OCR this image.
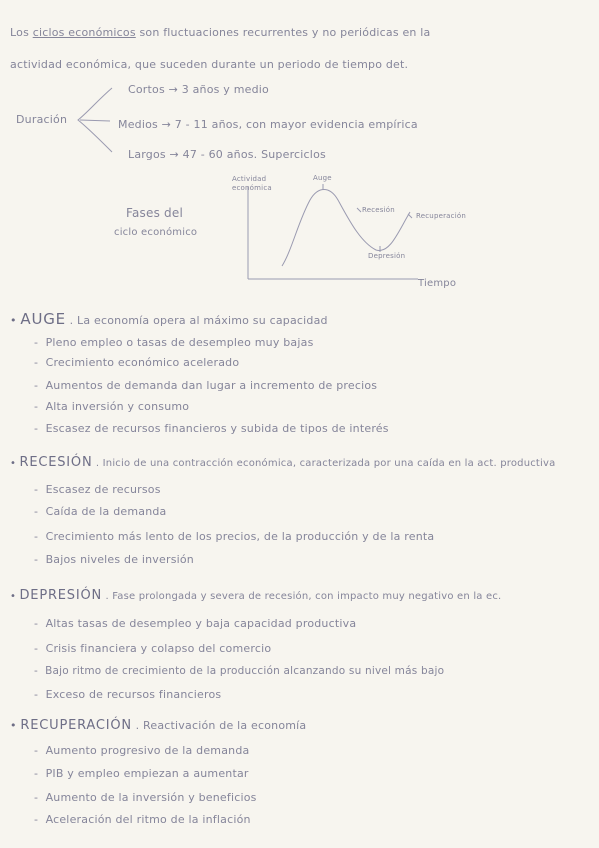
Los ciclos económicos son fluctuaciones recurrentes y no periódicas en la
actividad económica, que suceden durante un periodo de tiempo det.
Duración
Cortos → 3 años y medio
Medios → 7 - 11 años, con mayor evidencia empírica
Largos → 47 - 60 años. Superciclos
Fases del
ciclo económico
Actividad
económica
Tiempo
Auge
Recesión
Depresión
Recuperación
• AUGE . La economía opera al máximo su capacidad
-  Pleno empleo o tasas de desempleo muy bajas
-  Crecimiento económico acelerado
-  Aumentos de demanda dan lugar a incremento de precios
-  Alta inversión y consumo
-  Escasez de recursos financieros y subida de tipos de interés
• RECESIÓN . Inicio de una contracción económica, caracterizada por una caída en la act. productiva
-  Escasez de recursos
-  Caída de la demanda
-  Crecimiento más lento de los precios, de la producción y de la renta
-  Bajos niveles de inversión
• DEPRESIÓN . Fase prolongada y severa de recesión, con impacto muy negativo en la ec.
-  Altas tasas de desempleo y baja capacidad productiva
-  Crisis financiera y colapso del comercio
-  Bajo ritmo de crecimiento de la producción alcanzando su nivel más bajo
-  Exceso de recursos financieros
• RECUPERACIÓN . Reactivación de la economía
-  Aumento progresivo de la demanda
-  PIB y empleo empiezan a aumentar
-  Aumento de la inversión y beneficios
-  Aceleración del ritmo de la inflación
